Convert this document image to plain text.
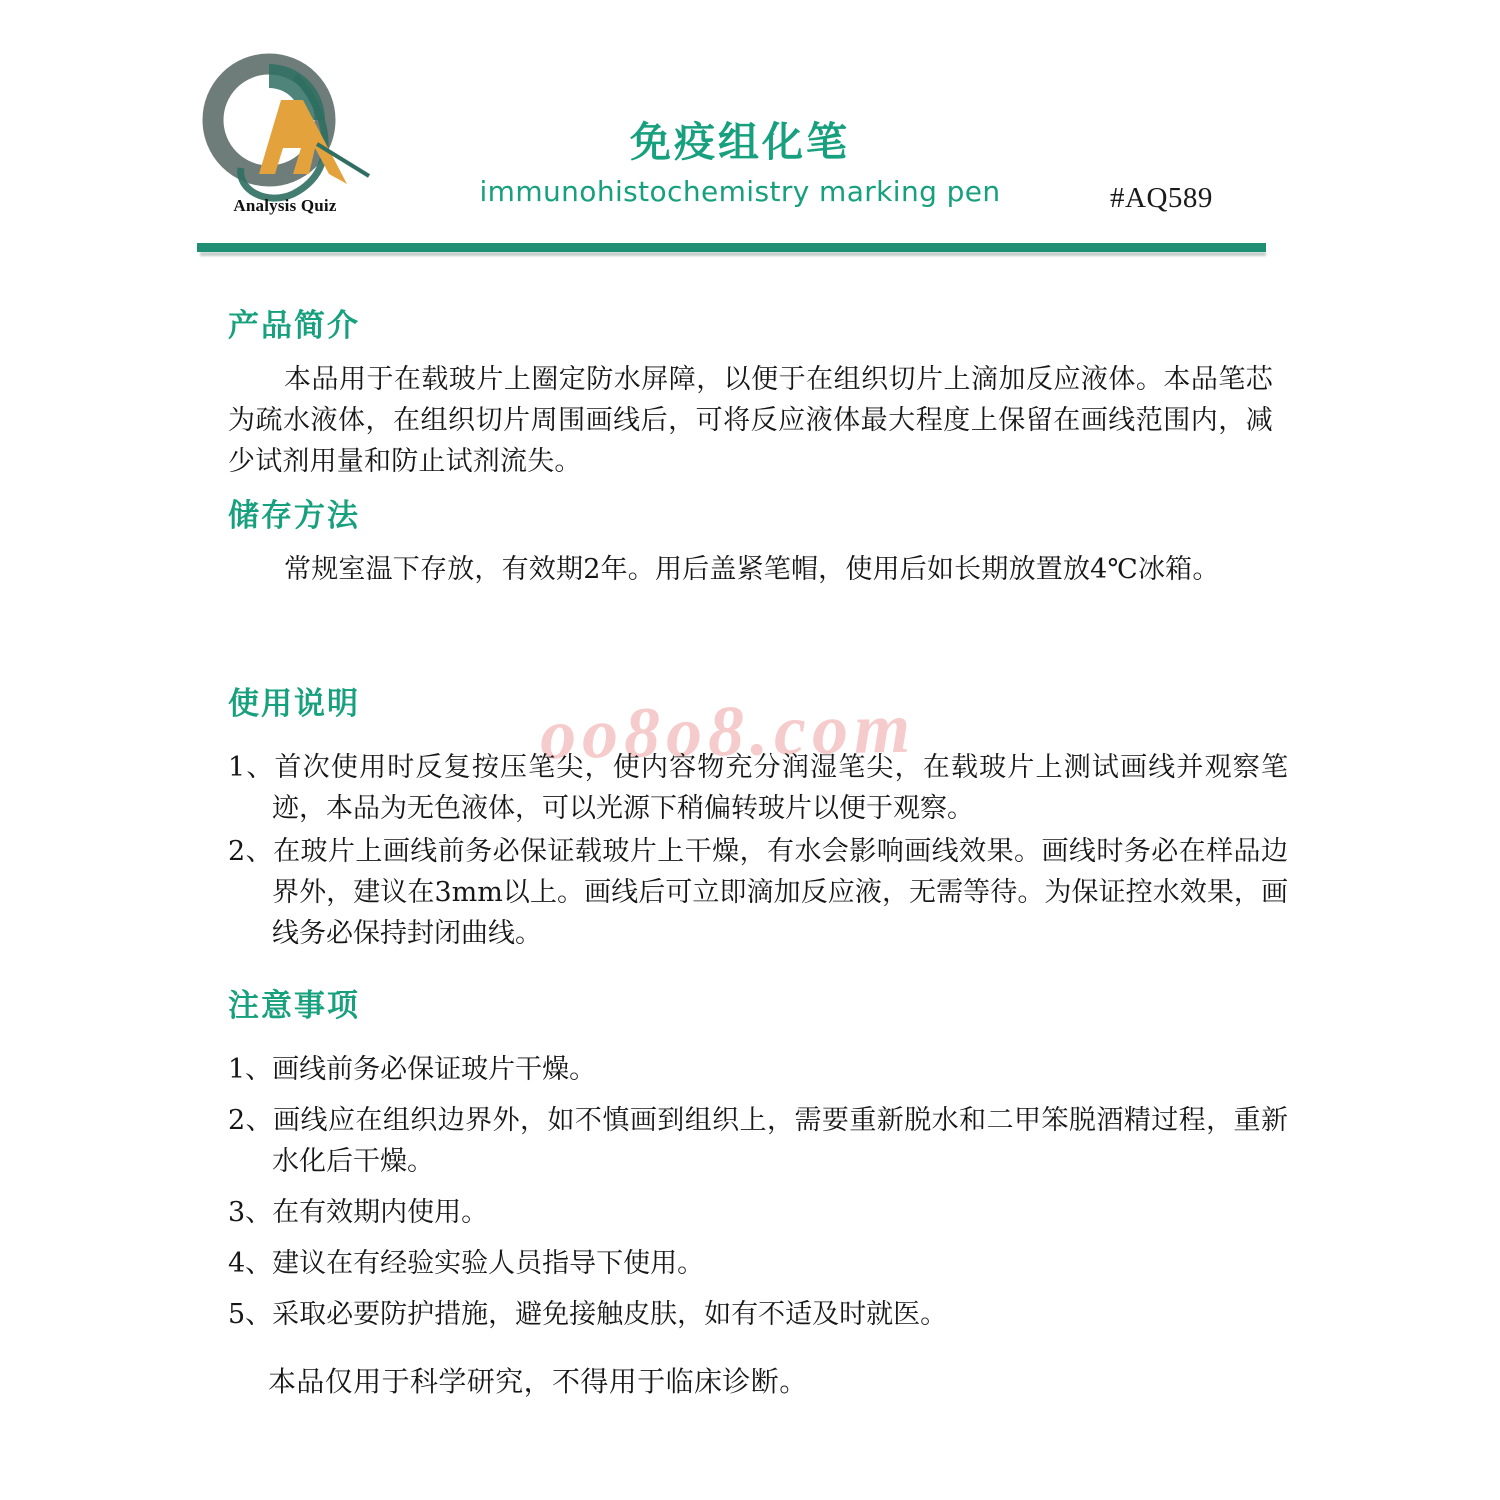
Analysis Quiz
免疫组化笔
immunohistochemistry marking pen	#AQ589
oo8o8.com
产品简介

本品用于在载玻片上圈定防水屏障，以便于在组织切片上滴加反应液体。本品笔芯为疏水液体，在组织切片周围画线后，可将反应液体最大程度上保留在画线范围内，减少试剂用量和防止试剂流失。

储存方法

常规室温下存放，有效期2年。用后盖紧笔帽，使用后如长期放置放4℃冰箱。

使用说明

1、首次使用时反复按压笔尖，使内容物充分润湿笔尖，在载玻片上测试画线并观察笔迹，本品为无色液体，可以光源下稍偏转玻片以便于观察。

2、在玻片上画线前务必保证载玻片上干燥，有水会影响画线效果。画线时务必在样品边界外，建议在3mm以上。画线后可立即滴加反应液，无需等待。为保证控水效果，画线务必保持封闭曲线。

注意事项

1、画线前务必保证玻片干燥。

2、画线应在组织边界外，如不慎画到组织上，需要重新脱水和二甲笨脱酒精过程，重新水化后干燥。

3、在有效期内使用。

4、建议在有经验实验人员指导下使用。

5、采取必要防护措施，避免接触皮肤，如有不适及时就医。

本品仅用于科学研究，不得用于临床诊断。
